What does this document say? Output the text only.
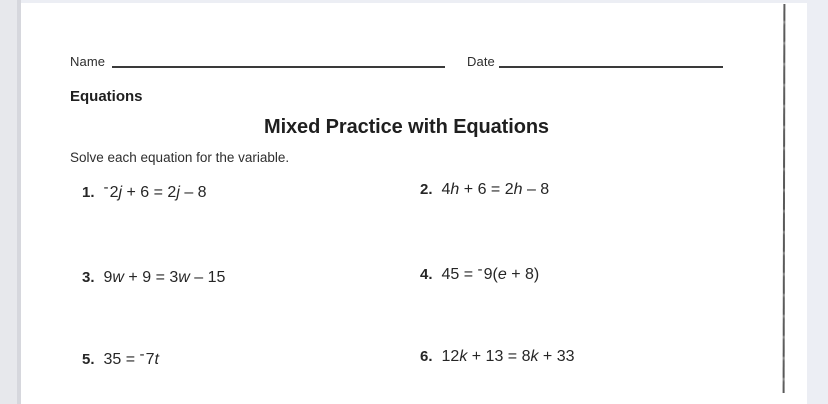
Name	Date
Equations
Mixed Practice with Equations
Solve each equation for the variable.
1. -2j + 6 = 2j – 8	2. 4h + 6 = 2h – 8
3. 9w + 9 = 3w – 15	4. 45 = -9(e + 8)
5. 35 = -7t	6. 12k + 13 = 8k + 33
